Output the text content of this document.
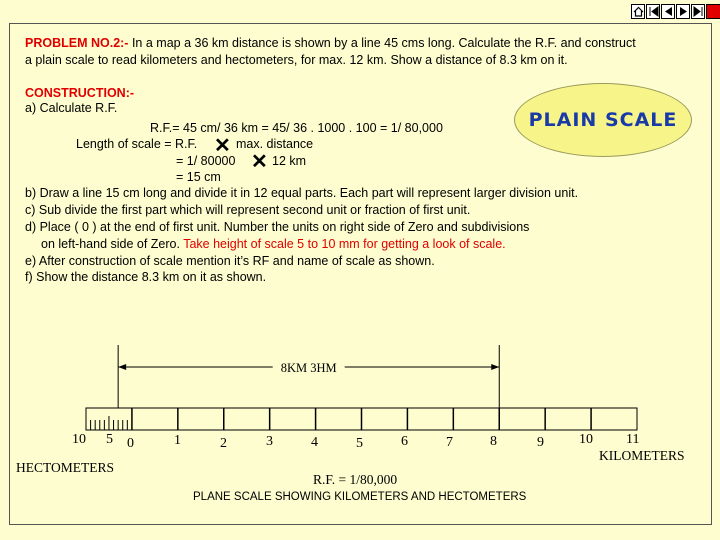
PROBLEM NO.2:- In a map a 36 km distance is shown by a line 45 cms long. Calculate the R.F. and construct
a plain scale to read kilometers and hectometers, for max. 12 km. Show a distance of 8.3 km on it.
CONSTRUCTION:-
a) Calculate R.F.
PLAIN SCALE
R.F.= 45 cm/ 36 km = 45/ 36 . 1000 . 100 = 1/ 80,000
Length of scale = R.F. ✕ max. distance
= 1/ 80000 ✕ 12 km
= 15 cm
b) Draw a line 15 cm long and divide it in 12 equal parts. Each part will represent larger division unit.
c) Sub divide the first part which will represent second unit or fraction of first unit.
d) Place ( 0 ) at the end of first unit. Number the units on right side of Zero and subdivisions
on left-hand side of Zero. Take height of scale 5 to 10 mm for getting a look of scale.
e) After construction of scale mention it’s RF and name of scale as shown.
f) Show the distance 8.3 km on it as shown.
8KM 3HM
10 5 0	1	2	3	4	5	6	7	8	9	10 11
KILOMETERS
HECTOMETERS
R.F. = 1/80,000
PLANE SCALE SHOWING KILOMETERS AND HECTOMETERS
